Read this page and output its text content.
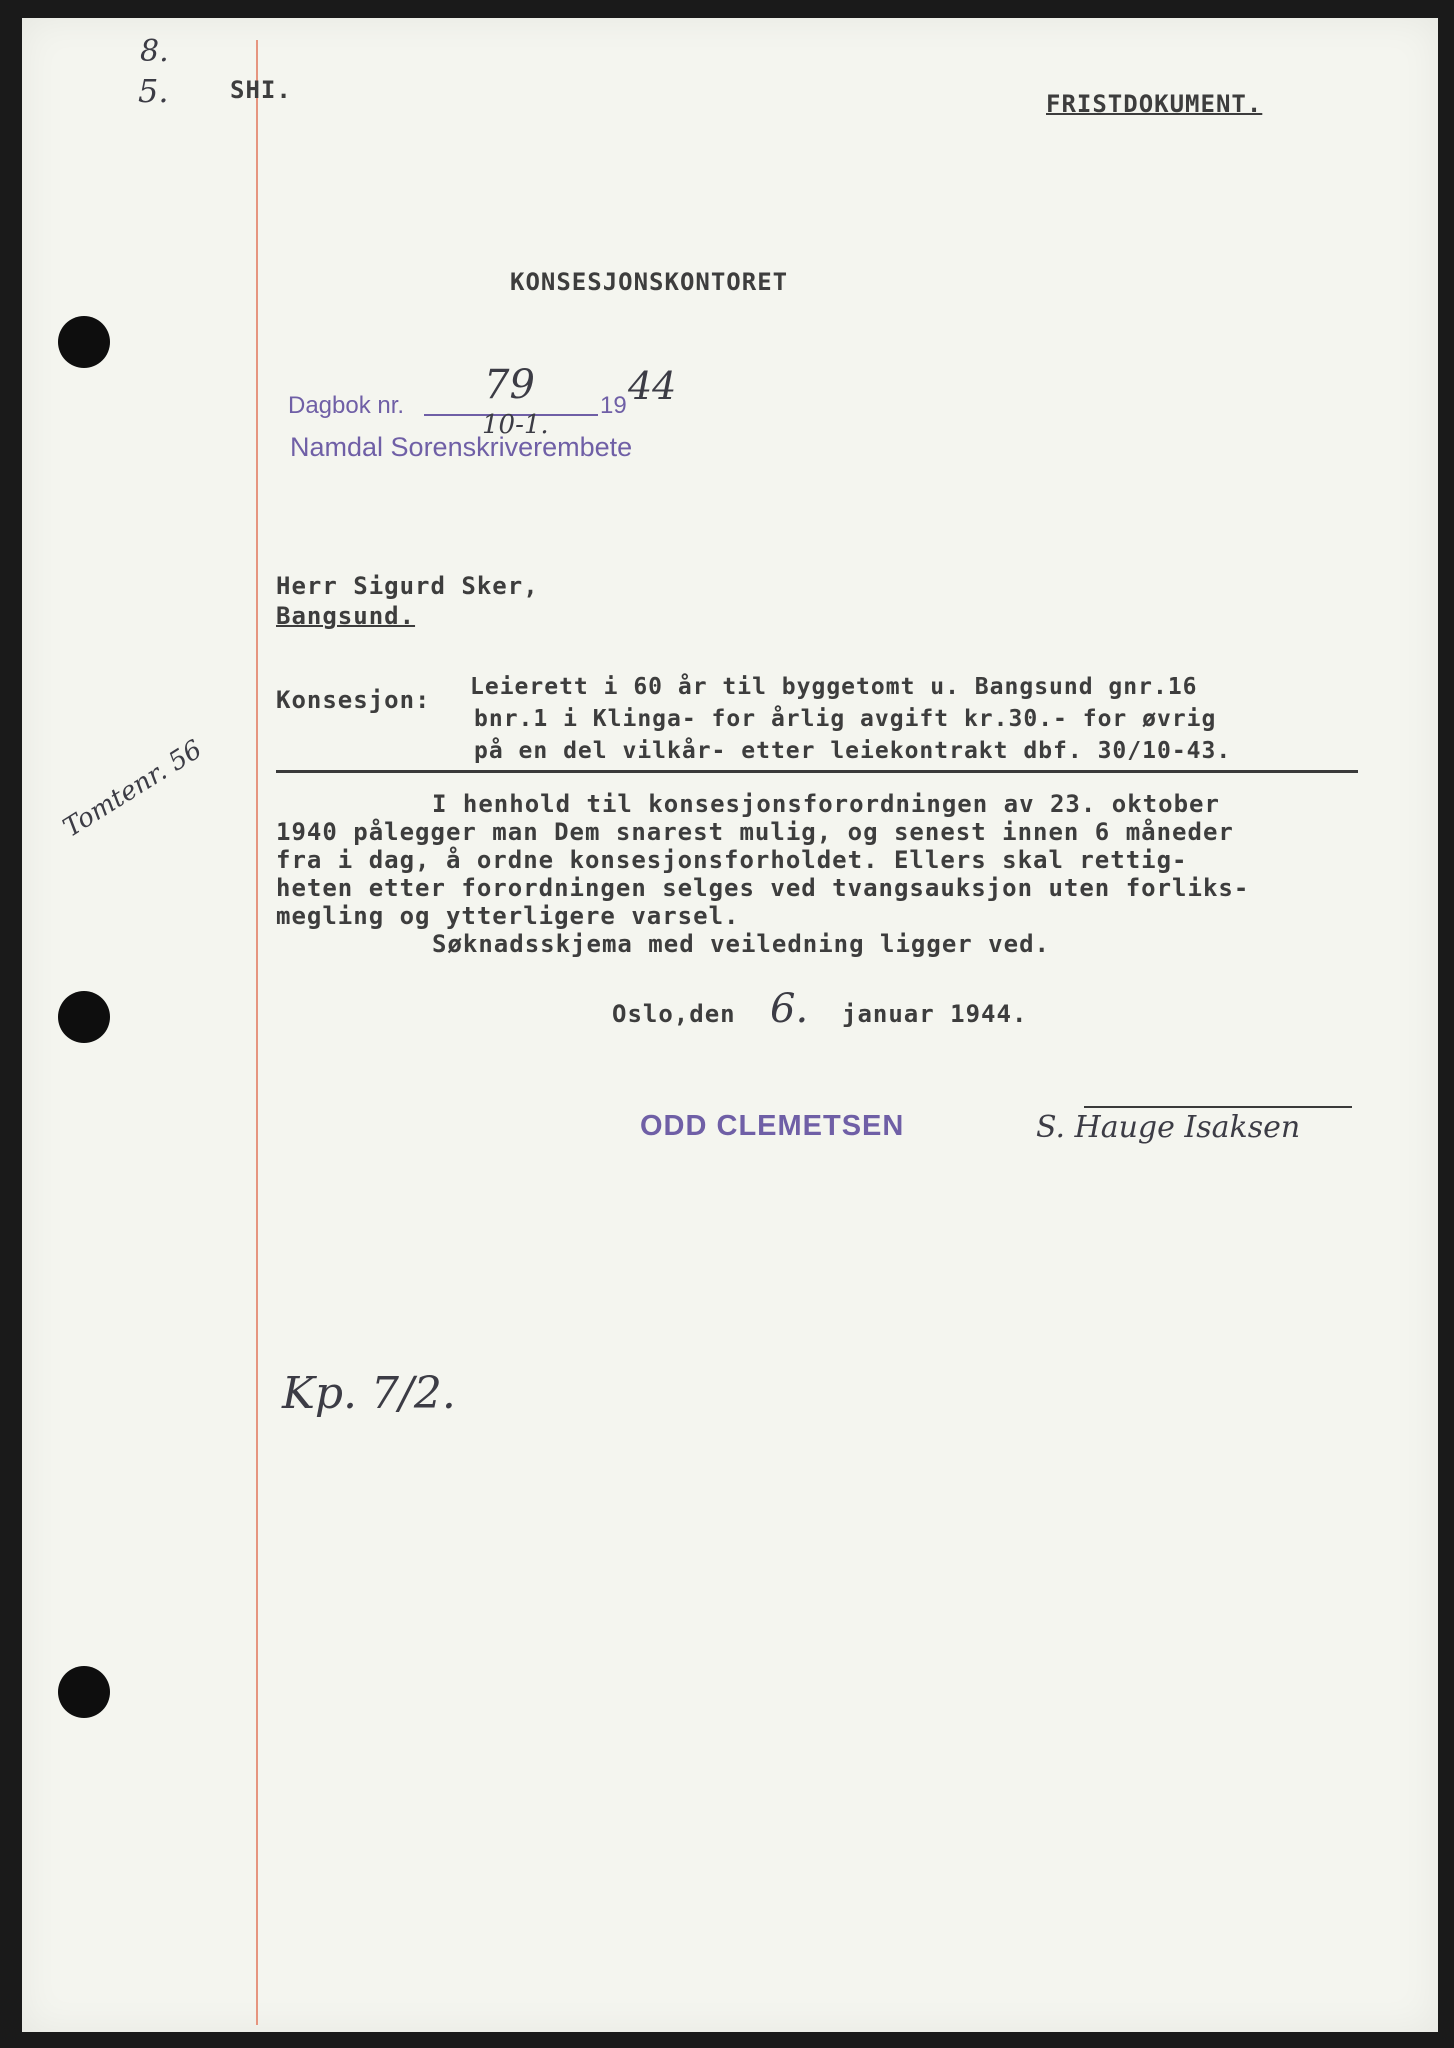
8.
5.	SHI.	FRISTDOKUMENT.
KONSESJONSKONTORET
Dagbok nr. 79	19 44
10-1.
Namdal Sorenskriverembete
Herr Sigurd Sker,
Bangsund.
Konsesjon: Leierett i 60 år til byggetomt u. Bangsund gnr.16
bnr.1 i Klinga- for årlig avgift kr.30.- for øvrig
på en del vilkår- etter leiekontrakt dbf. 30/10-43.
Tomtenr. 56	I henhold til konsesjonsforordningen av 23. oktober
1940 pålegger man Dem snarest mulig, og senest innen 6 måneder
fra i dag, å ordne konsesjonsforholdet. Ellers skal rettig-
heten etter forordningen selges ved tvangsauksjon uten forliks-
megling og ytterligere varsel.
Søknadsskjema med veiledning ligger ved.
Oslo,den 6. januar 1944.
ODD CLEMETSEN	S. Hauge Isaksen
Kp. 7/2.
